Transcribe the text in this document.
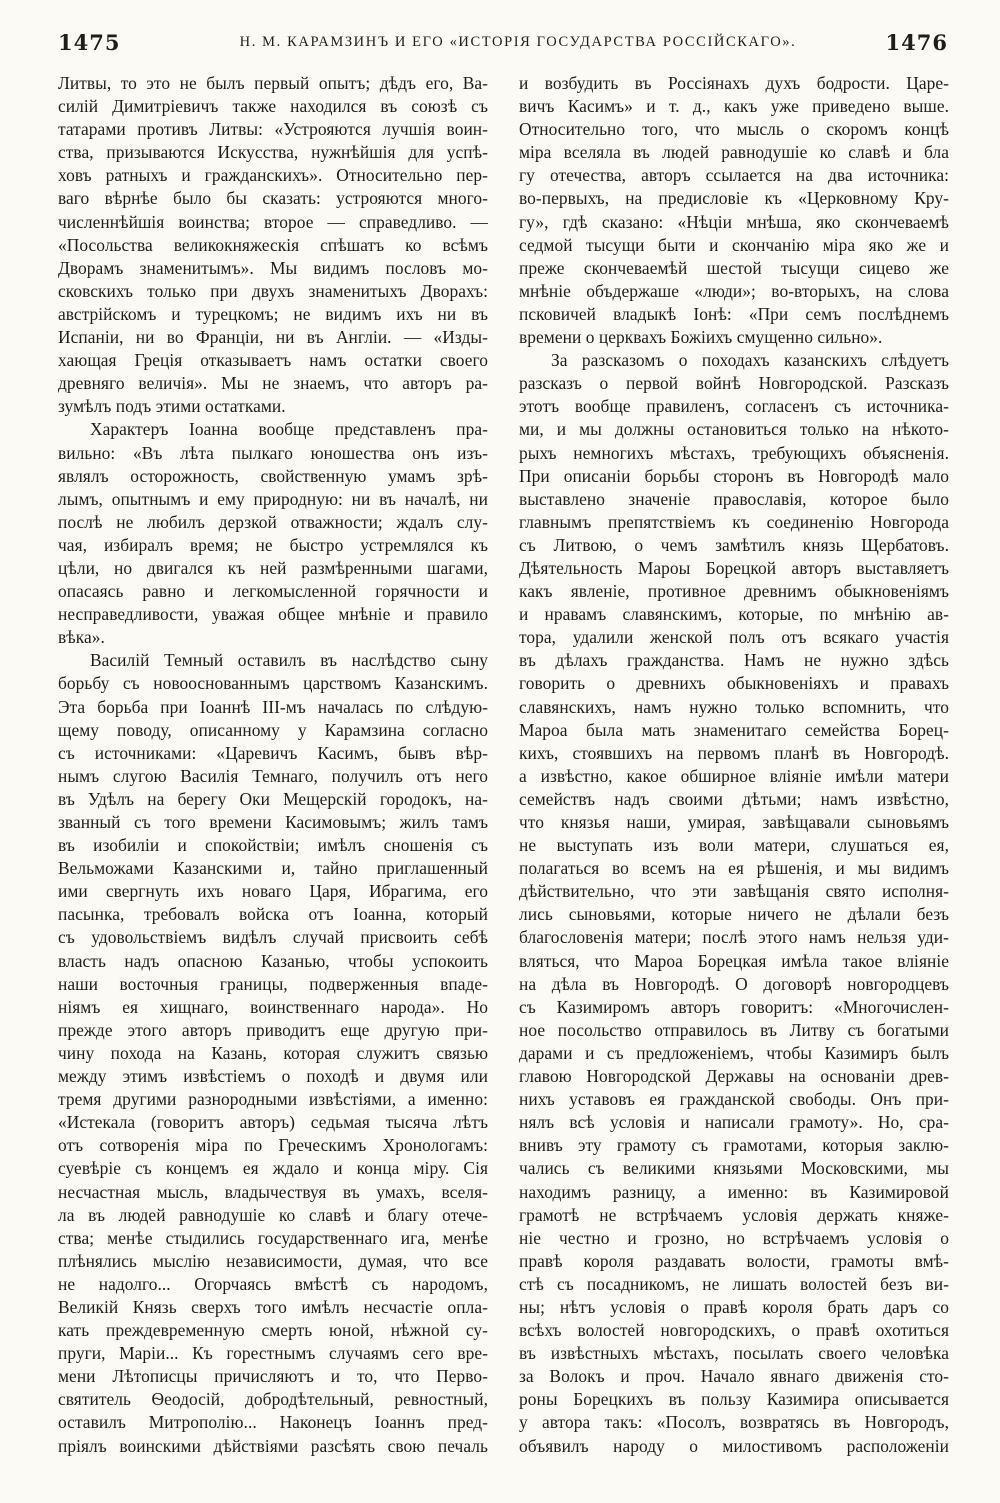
1475	Н. М. КАРАМЗИНЪ И ЕГО «ИСТОРІЯ ГОСУДАРСТВА РОССІЙСКАГО».	1476
Литвы, то это не былъ первый опытъ; дѣдъ его, Ва-
силій Димитріевичъ также находился въ союзѣ съ
татарами противъ Литвы: «Устрояются лучшія воин-
ства, призываются Искусства, нужнѣйшія для успѣ-
ховъ ратныхъ и гражданскихъ». Относительно пер-
ваго вѣрнѣе было бы сказать: устрояются много-
численнѣйшія воинства; второе — справедливо. —
«Посольства великокняжескія спѣшатъ ко всѣмъ
Дворамъ знаменитымъ». Мы видимъ пословъ мо-
сковскихъ только при двухъ знаменитыхъ Дворахъ:
австрійскомъ и турецкомъ; не видимъ ихъ ни въ
Испаніи, ни во Франціи, ни въ Англіи. — «Изды-
хающая Греція отказываетъ намъ остатки своего
древняго величія». Мы не знаемъ, что авторъ ра-
зумѣлъ подъ этими остатками.
Характеръ Іоанна вообще представленъ пра-
вильно: «Въ лѣта пылкаго юношества онъ изъ-
являлъ осторожность, свойственную умамъ зрѣ-
лымъ, опытнымъ и ему природную: ни въ началѣ, ни
послѣ не любилъ дерзкой отважности; ждалъ слу-
чая, избиралъ время; не быстро устремлялся къ
цѣли, но двигался къ ней размѣренными шагами,
опасаясь равно и легкомысленной горячности и
несправедливости, уважая общее мнѣніе и правило
вѣка».
Василій Темный оставилъ въ наслѣдство сыну
борьбу съ новооснованнымъ царствомъ Казанскимъ.
Эта борьба при Іоаннѣ III-мъ началась по слѣдую-
щему поводу, описанному у Карамзина согласно
съ источниками: «Царевичъ Касимъ, бывъ вѣр-
нымъ слугою Василія Темнаго, получилъ отъ него
въ Удѣлъ на берегу Оки Мещерскій городокъ, на-
званный съ того времени Касимовымъ; жилъ тамъ
въ изобиліи и спокойствіи; имѣлъ сношенія съ
Вельможами Казанскими и, тайно приглашенный
ими свергнуть ихъ новаго Царя, Ибрагима, его
пасынка, требовалъ войска отъ Іоанна, который
съ удовольствіемъ видѣлъ случай присвоить себѣ
власть надъ опасною Казанью, чтобы успокоить
наши восточныя границы, подверженныя впаде-
ніямъ ея хищнаго, воинственнаго народа». Но
прежде этого авторъ приводитъ еще другую при-
чину похода на Казань, которая служитъ связью
между этимъ извѣстіемъ о походѣ и двумя или
тремя другими разнородными извѣстіями, а именно:
«Истекала (говоритъ авторъ) седьмая тысяча лѣтъ
отъ сотворенія міра по Греческимъ Хронологамъ:
суевѣріе съ концемъ ея ждало и конца міру. Сія
несчастная мысль, владычествуя въ умахъ, вселя-
ла въ людей равнодушіе ко славѣ и благу отече-
ства; менѣе стыдились государственнаго ига, менѣе
плѣнялись мыслію независимости, думая, что все
не надолго... Огорчаясь вмѣстѣ съ народомъ,
Великій Князь сверхъ того имѣлъ несчастіе опла-
кать преждевременную смерть юной, нѣжной су-
пруги, Маріи... Къ горестнымъ случаямъ сего вре-
мени Лѣтописцы причисляютъ и то, что Перво-
святитель Ѳеодосій, добродѣтельный, ревностный,
оставилъ Митрополію... Наконецъ Іоаннъ пред-
пріялъ воинскими дѣйствіями разсѣять свою печаль
и возбудить въ Россіянахъ духъ бодрости. Царе-
вичъ Касимъ» и т. д., какъ уже приведено выше.
Относительно того, что мысль о скоромъ концѣ
міра вселяла въ людей равнодушіе ко славѣ и бла
гу отечества, авторъ ссылается на два источника:
во-первыхъ, на предисловіе къ «Церковному Кру-
гу», гдѣ сказано: «Нѣціи мнѣша, яко скончеваемѣ
седмой тысущи быти и скончанію міра яко же и
преже скончеваемѣй шестой тысущи сицево же
мнѣніе объдержаше «люди»; во-вторыхъ, на слова
псковичей владыкѣ Іонѣ: «При семъ послѣднемъ
времени о церквахъ Божіихъ смущенно сильно».
За разсказомъ о походахъ казанскихъ слѣдуетъ
разсказъ о первой войнѣ Новгородской. Разсказъ
этотъ вообще правиленъ, согласенъ съ источника-
ми, и мы должны остановиться только на нѣкото-
рыхъ немногихъ мѣстахъ, требующихъ объясненія.
При описаніи борьбы сторонъ въ Новгородѣ мало
выставлено значеніе православія, которое было
главнымъ препятствіемъ къ соединенію Новгорода
съ Литвою, о чемъ замѣтилъ князь Щербатовъ.
Дѣятельность Мароы Борецкой авторъ выставляетъ
какъ явленіе, противное древнимъ обыкновеніямъ
и нравамъ славянскимъ, которые, по мнѣнію ав-
тора, удалили женской полъ отъ всякаго участія
въ дѣлахъ гражданства. Намъ не нужно здѣсь
говорить о древнихъ обыкновеніяхъ и правахъ
славянскихъ, намъ нужно только вспомнить, что
Мароа была мать знаменитаго семейства Борец-
кихъ, стоявшихъ на первомъ планѣ въ Новгородѣ.
а извѣстно, какое обширное вліяніе имѣли матери
семействъ надъ своими дѣтьми; намъ извѣстно,
что князья наши, умирая, завѣщавали сыновьямъ
не выступать изъ воли матери, слушаться ея,
полагаться во всемъ на ея рѣшенія, и мы видимъ
дѣйствительно, что эти завѣщанія свято исполня-
лись сыновьями, которые ничего не дѣлали безъ
благословенія матери; послѣ этого намъ нельзя уди-
вляться, что Мароа Борецкая имѣла такое вліяніе
на дѣла въ Новгородѣ. О договорѣ новгородцевъ
съ Казимиромъ авторъ говоритъ: «Многочислен-
ное посольство отправилось въ Литву съ богатыми
дарами и съ предложеніемъ, чтобы Казимиръ былъ
главою Новгородской Державы на основаніи древ-
нихъ уставовъ ея гражданской свободы. Онъ при-
нялъ всѣ условія и написали грамоту». Но, сра-
внивъ эту грамоту съ грамотами, которыя заклю-
чались съ великими князьями Московскими, мы
находимъ разницу, а именно: въ Казимировой
грамотѣ не встрѣчаемъ условія держать княже-
ніе честно и грозно, но встрѣчаемъ условія о
правѣ короля раздавать волости, грамоты вмѣ-
стѣ съ посадникомъ, не лишать волостей безъ ви-
ны; нѣтъ условія о правѣ короля брать даръ со
всѣхъ волостей новгородскихъ, о правѣ охотиться
въ извѣстныхъ мѣстахъ, посылать своего человѣка
за Волокъ и проч. Начало явнаго движенія сто-
роны Борецкихъ въ пользу Казимира описывается
у автора такъ: «Посолъ, возвратясь въ Новгородъ,
объявилъ народу о милостивомъ расположеніи
